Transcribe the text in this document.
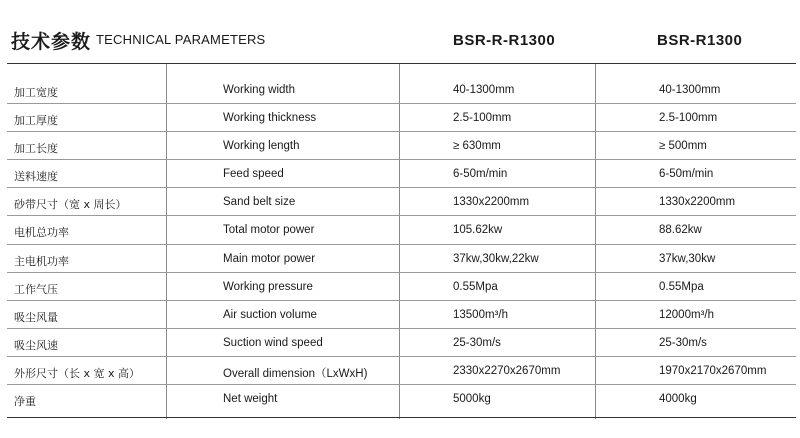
技术参数 TECHNICAL PARAMETERS	BSR-R-R1300	BSR-R1300
加工宽度	Working width	40-1300mm	40-1300mm
加工厚度	Working thickness	2.5-100mm	2.5-100mm
加工长度	Working length	≥ 630mm	≥ 500mm
送料速度	Feed speed	6-50m/min	6-50m/min
砂带尺寸（宽 x 周长）	Sand belt size	1330x2200mm	1330x2200mm
电机总功率	Total motor power	105.62kw	88.62kw
主电机功率	Main motor power	37kw,30kw,22kw	37kw,30kw
工作气压	Working pressure	0.55Mpa	0.55Mpa
吸尘风量	Air suction volume	13500m³/h	12000m³/h
吸尘风速	Suction wind speed	25-30m/s	25-30m/s
外形尺寸（长 x 宽 x 高）	Overall dimension（LxWxH)	2330x2270x2670mm	1970x2170x2670mm
净重	Net weight	5000kg	4000kg
